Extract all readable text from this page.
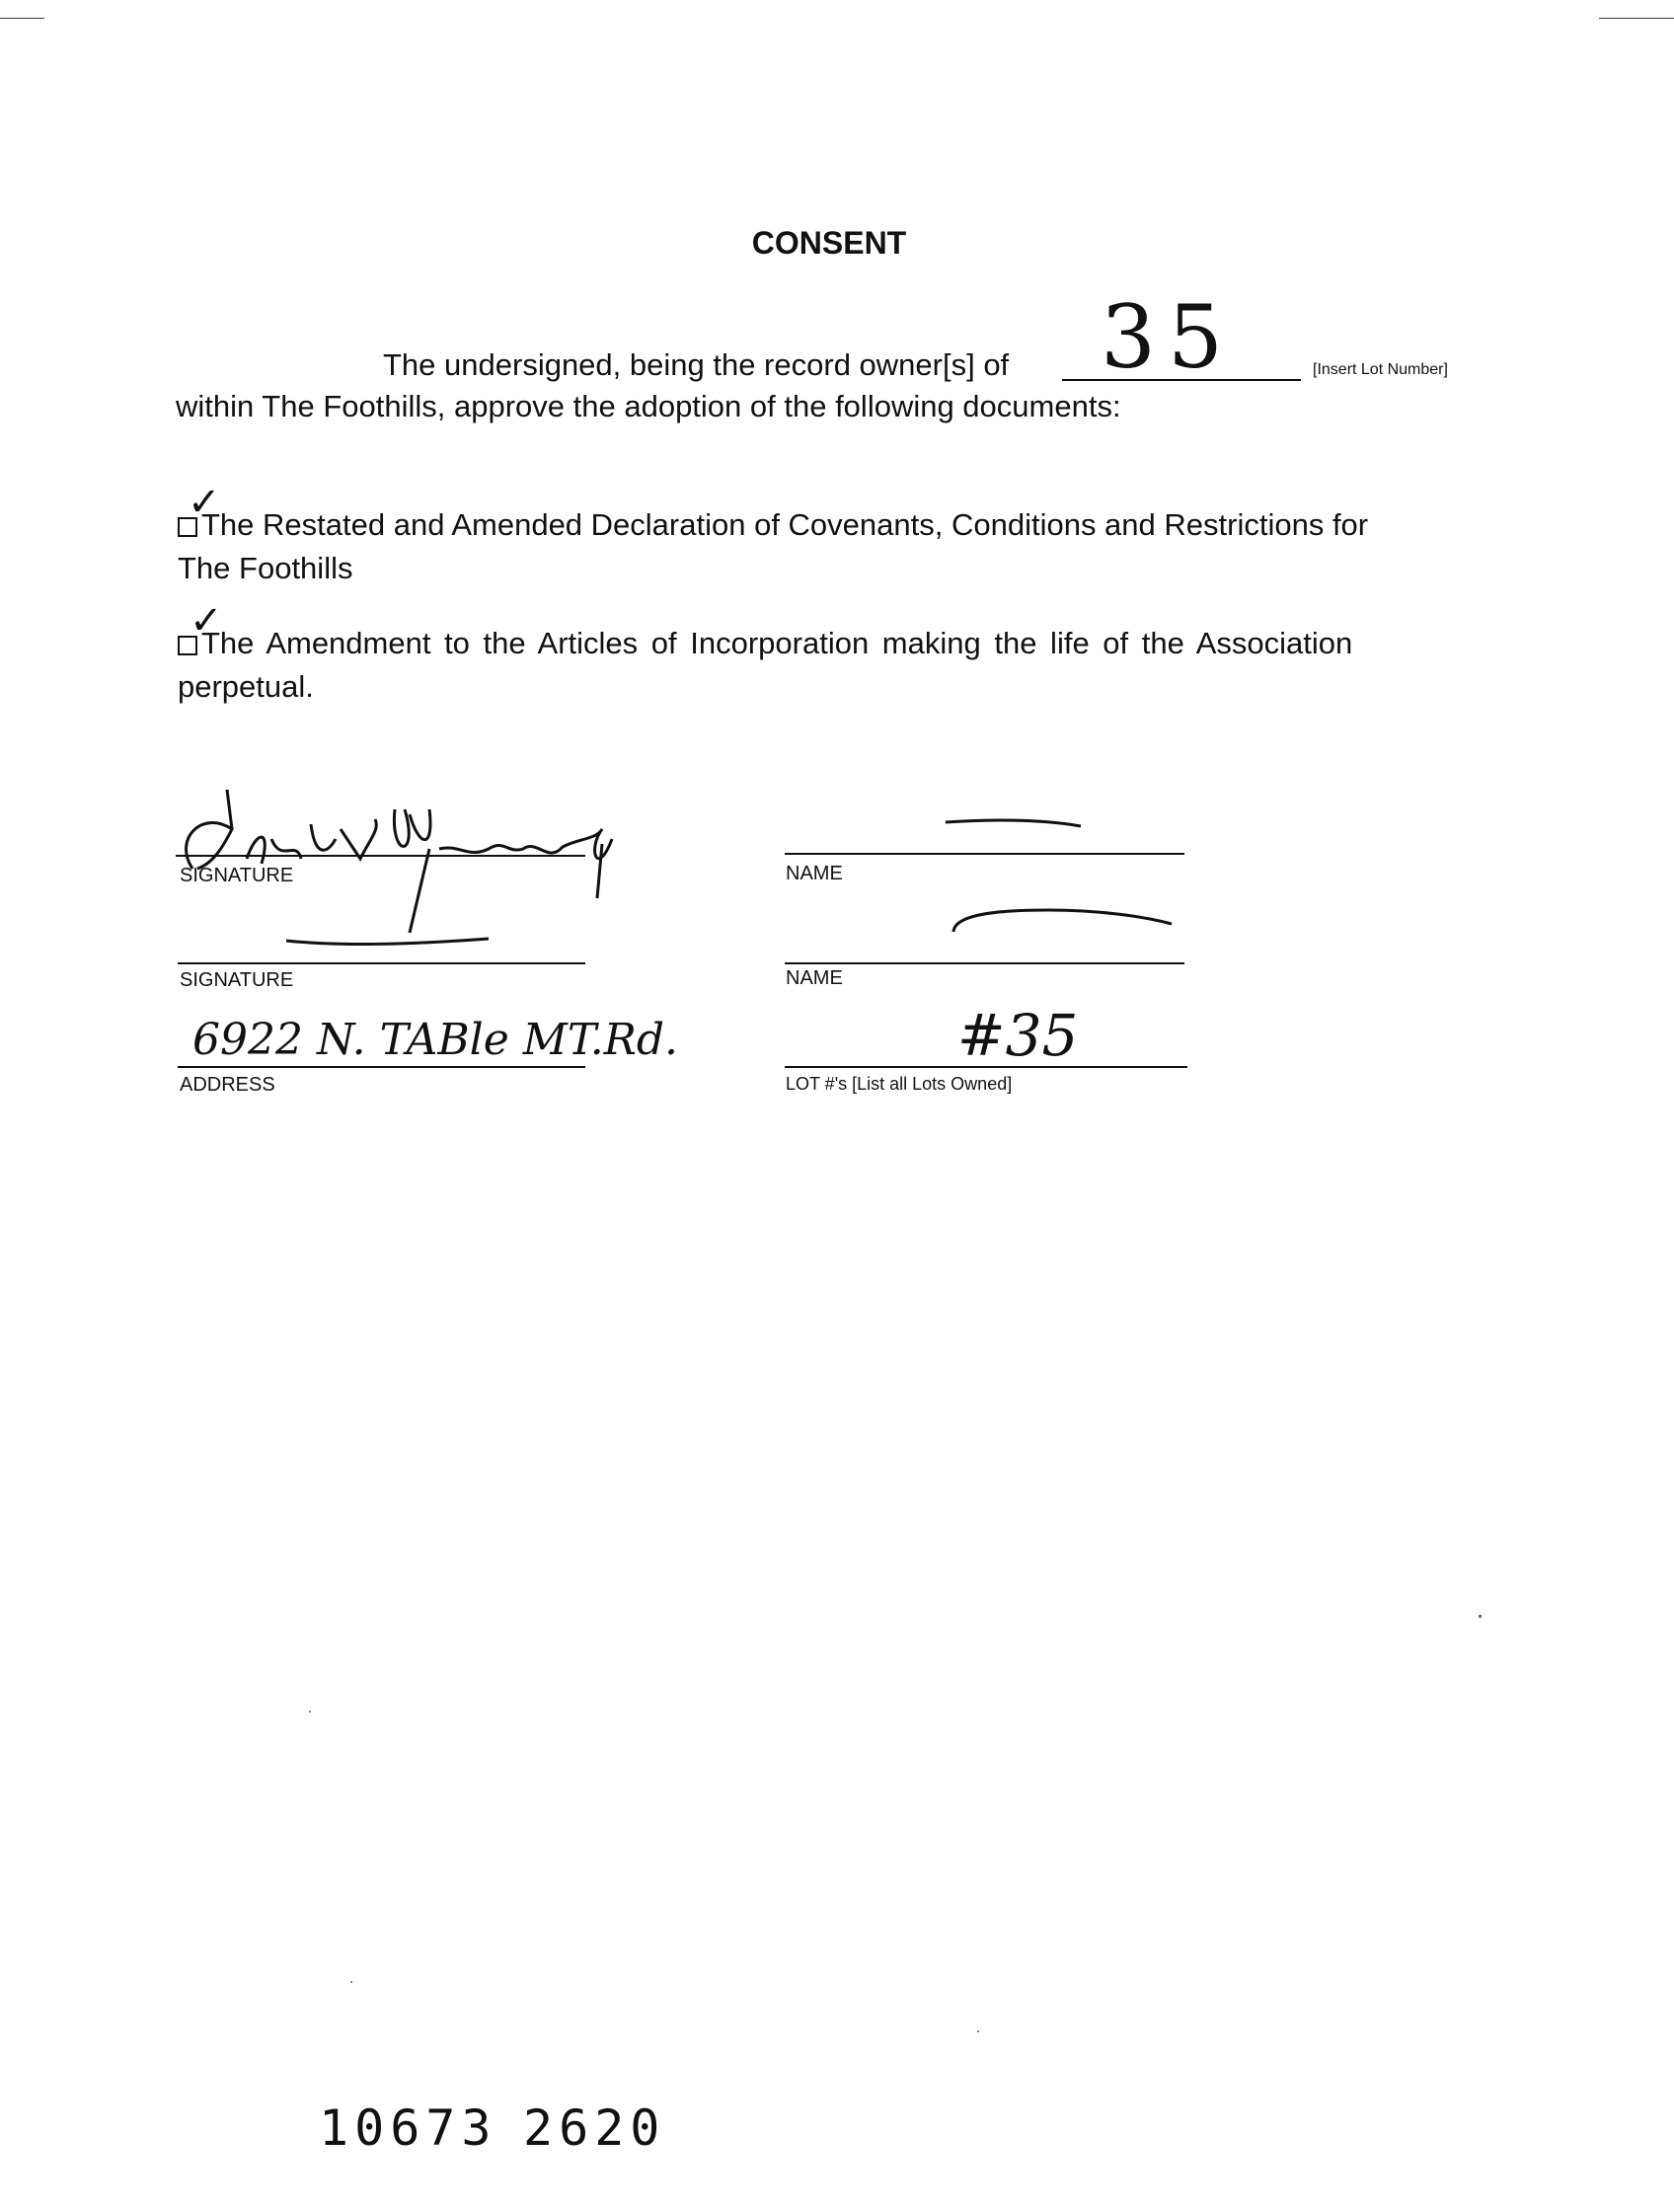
CONSENT
The undersigned, being the record owner[s] of 35	[Insert Lot Number]
within The Foothills, approve the adoption of the following documents:
The Restated and Amended Declaration of Covenants, Conditions and Restrictions for
The Foothills
✓
The Amendment to the Articles of Incorporation making the life of the Association
perpetual.
✓
SIGNATURE
SIGNATURE
6922 N. TABle MT.Rd.
ADDRESS
NAME
NAME
#35
LOT #'s [List all Lots Owned]
10673 2620
